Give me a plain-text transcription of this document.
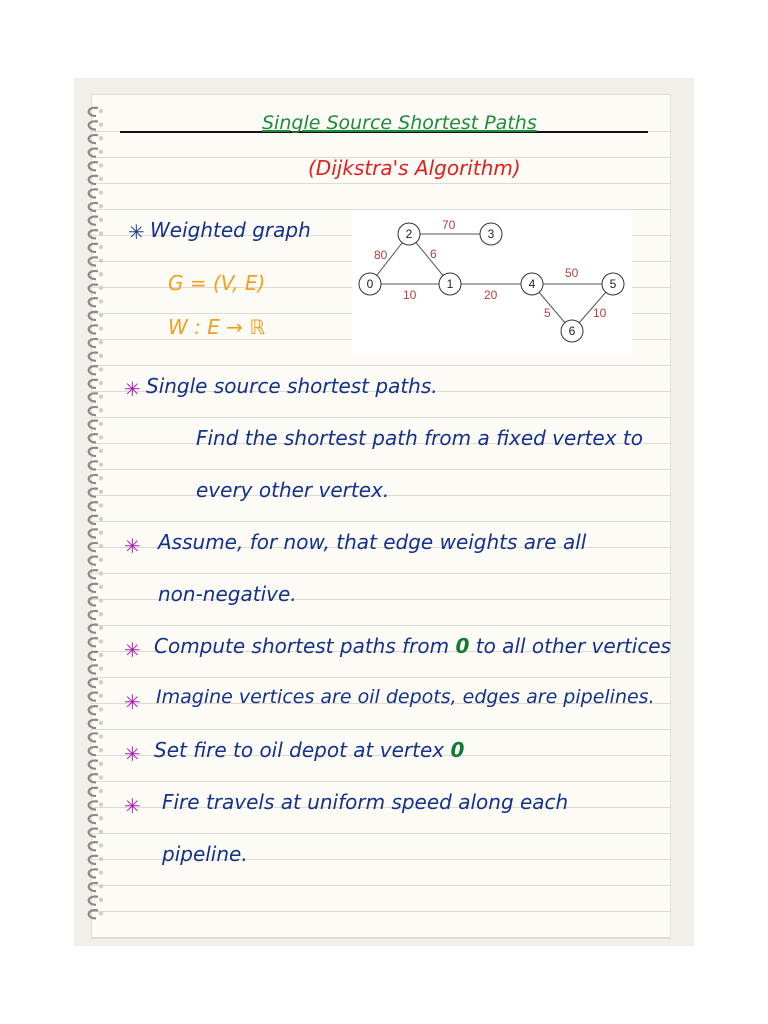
Single Source Shortest Paths
(Dijkstra's Algorithm)
✳ Weighted graph
G = (V, E)
W : E → ℝ
80
70
6
10	20
50
5	10
0	1
2	3
4	5
6
✳ Single source shortest paths.
Find the shortest path from a fixed vertex to
every other vertex.
✳ Assume, for now, that edge weights are all
non-negative.
✳ Compute shortest paths from 0 to all other vertices
✳ Imagine vertices are oil depots, edges are pipelines.
✳ Set fire to oil depot at vertex 0
✳ Fire travels at uniform speed along each
pipeline.
